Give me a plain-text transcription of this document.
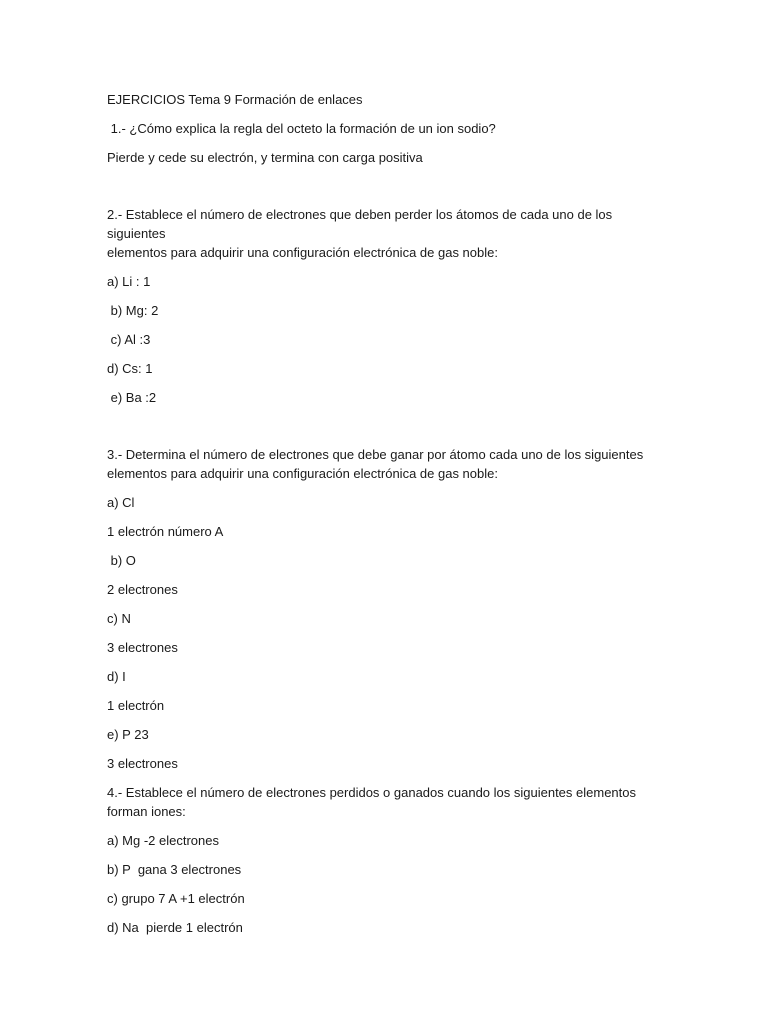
EJERCICIOS Tema 9 Formación de enlaces

1.- ¿Cómo explica la regla del octeto la formación de un ion sodio?

Pierde y cede su electrón, y termina con carga positiva

2.- Establece el número de electrones que deben perder los átomos de cada uno de los siguientes
elementos para adquirir una configuración electrónica de gas noble:

a) Li : 1

b) Mg: 2

c) Al :3

d) Cs: 1

e) Ba :2

3.- Determina el número de electrones que debe ganar por átomo cada uno de los siguientes
elementos para adquirir una configuración electrónica de gas noble:

a) Cl

1 electrón número A

b) O

2 electrones

c) N

3 electrones

d) I

1 electrón

e) P 23

3 electrones

4.- Establece el número de electrones perdidos o ganados cuando los siguientes elementos
forman iones:

a) Mg -2 electrones

b) P  gana 3 electrones

c) grupo 7 A +1 electrón

d) Na  pierde 1 electrón
